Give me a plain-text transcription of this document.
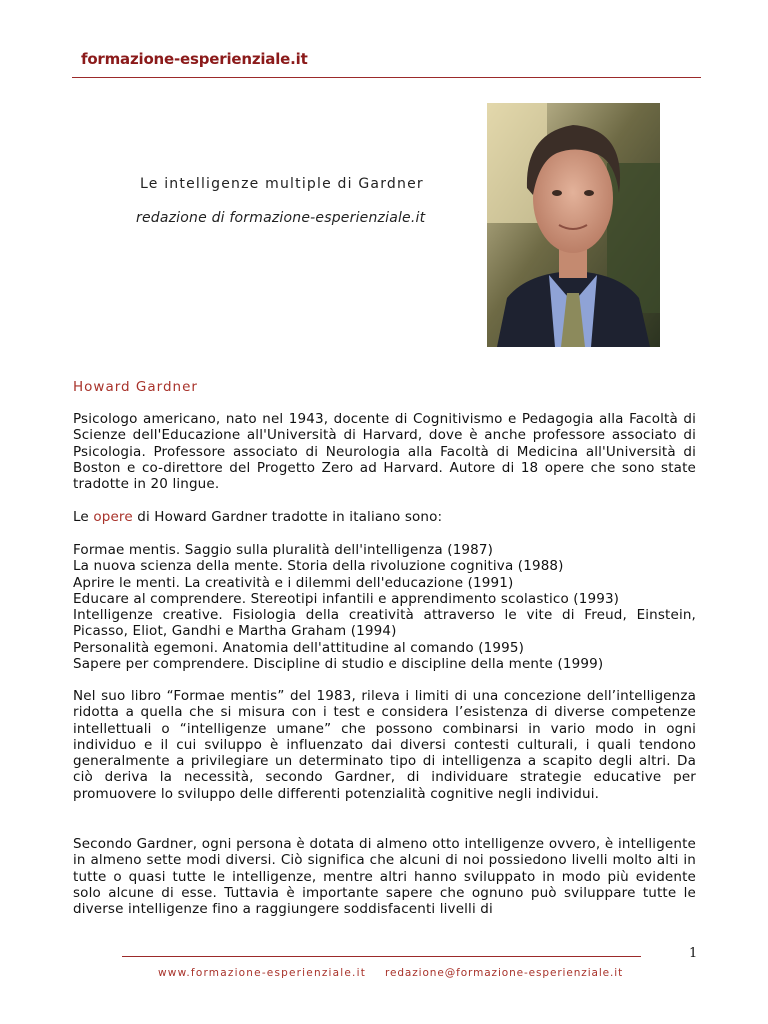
formazione-esperienziale.it
Le intelligenze multiple di Gardner
redazione di formazione-esperienziale.it
Howard Gardner
Psicologo americano, nato nel 1943, docente di Cognitivismo e Pedagogia alla Facoltà di Scienze dell'Educazione all'Università di Harvard, dove è anche professore associato di Psicologia. Professore associato di Neurologia alla Facoltà di Medicina all'Università di Boston e co-direttore del Progetto Zero ad Harvard. Autore di 18 opere che sono state tradotte in 20 lingue.
Le opere di Howard Gardner tradotte in italiano sono:
Formae mentis. Saggio sulla pluralità dell'intelligenza (1987)
La nuova scienza della mente. Storia della rivoluzione cognitiva (1988)
Aprire le menti. La creatività e i dilemmi dell'educazione (1991)
Educare al comprendere. Stereotipi infantili e apprendimento scolastico (1993)
Intelligenze creative. Fisiologia della creatività attraverso le vite di Freud, Einstein, Picasso, Eliot, Gandhi e Martha Graham (1994)
Personalità egemoni. Anatomia dell'attitudine al comando (1995)
Sapere per comprendere. Discipline di studio e discipline della mente (1999)
Nel suo libro “Formae mentis” del 1983, rileva i limiti di una concezione dell’intelligenza ridotta a quella che si misura con i test e considera l’esistenza di diverse competenze intellettuali o “intelligenze umane” che possono combinarsi in vario modo in ogni individuo e il cui sviluppo è influenzato dai diversi contesti culturali, i quali tendono generalmente a privilegiare un determinato tipo di intelligenza a scapito degli altri. Da ciò deriva la necessità, secondo Gardner, di individuare strategie educative per promuovere lo sviluppo delle differenti potenzialità cognitive negli individui.
Secondo Gardner, ogni persona è dotata di almeno otto intelligenze ovvero, è intelligente in almeno sette modi diversi. Ciò significa che alcuni di noi possiedono livelli molto alti in tutte o quasi tutte le intelligenze, mentre altri hanno sviluppato in modo più evidente solo alcune di esse. Tuttavia è importante sapere che ognuno può sviluppare tutte le diverse intelligenze fino a raggiungere soddisfacenti livelli di
1
www.formazione-esperienziale.it redazione@formazione-esperienziale.it
